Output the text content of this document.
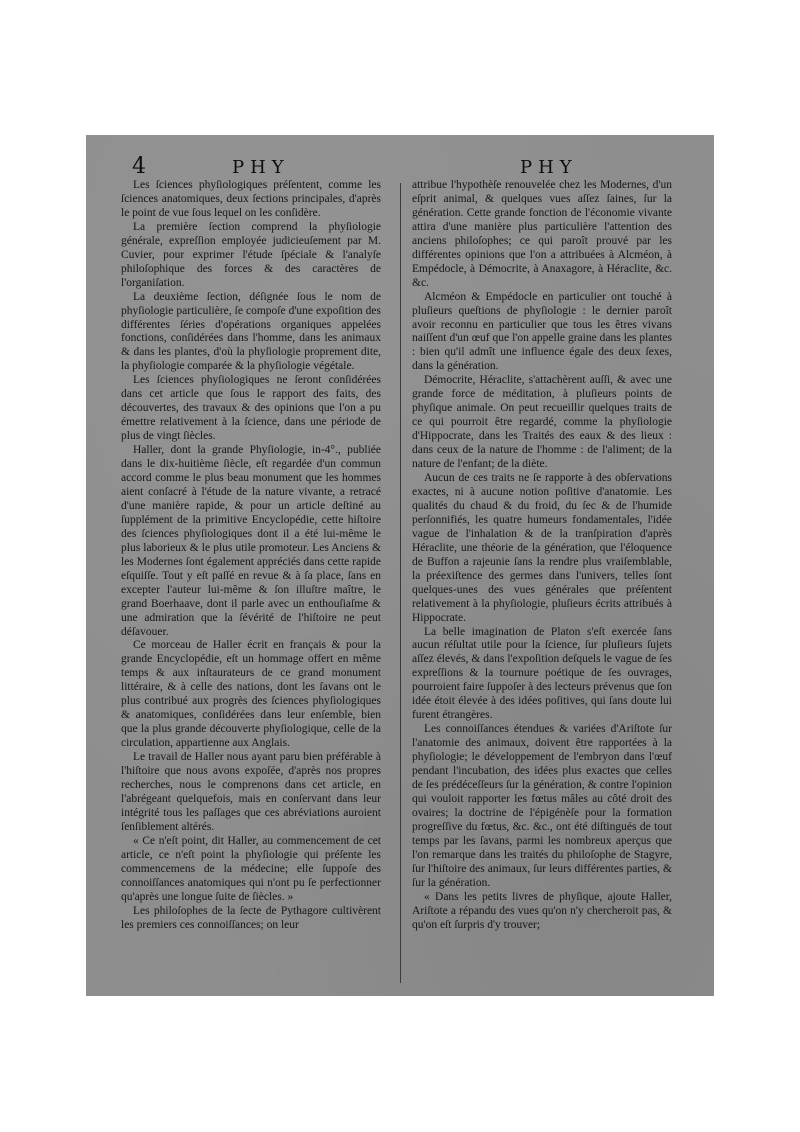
4	PHY	PHY

Les ſciences phyſiologiques préſentent, comme les ſciences anatomiques, deux ſections principales, d'après le point de vue ſous lequel on les conſidère.

La première ſection comprend la phyſiologie générale, expreſſion employée judicieuſement par M. Cuvier, pour exprimer l'étude ſpéciale & l'analyſe philoſophique des forces & des caractères de l'organiſation.

La deuxième ſection, déſignée ſous le nom de phyſiologie particulière, ſe compoſe d'une expoſition des différentes ſéries d'opérations organiques appelées fonctions, conſidérées dans l'homme, dans les animaux & dans les plantes, d'où la phyſiologie proprement dite, la phyſiologie comparée & la phyſiologie végétale.

Les ſciences phyſiologiques ne ſeront conſidérées dans cet article que ſous le rapport des faits, des découvertes, des travaux & des opinions que l'on a pu émettre relativement à la ſcience, dans une période de plus de vingt ſiècles.

Haller, dont la grande Phyſiologie, in-4°., publiée dans le dix-huitième ſiècle, eſt regardée d'un commun accord comme le plus beau monument que les hommes aient conſacré à l'étude de la nature vivante, a retracé d'une manière rapide, & pour un article deſtiné au ſupplément de la primitive Encyclopédie, cette hiſtoire des ſciences phyſiologiques dont il a été lui-même le plus laborieux & le plus utile promoteur. Les Anciens & les Modernes ſont également appréciés dans cette rapide eſquiſſe. Tout y eſt paſſé en revue & à ſa place, ſans en excepter l'auteur lui-même & ſon illuſtre maître, le grand Boerhaave, dont il parle avec un enthouſiaſme & une admiration que la ſévérité de l'hiſtoire ne peut déſavouer.

Ce morceau de Haller écrit en français & pour la grande Encyclopédie, eſt un hommage offert en même temps & aux inſtaurateurs de ce grand monument littéraire, & à celle des nations, dont les ſavans ont le plus contribué aux progrès des ſciences phyſiologiques & anatomiques, conſidérées dans leur enſemble, bien que la plus grande découverte phyſiologique, celle de la circulation, appartienne aux Anglais.

Le travail de Haller nous ayant paru bien préférable à l'hiſtoire que nous avons expoſée, d'après nos propres recherches, nous le comprenons dans cet article, en l'abrégeant quelquefois, mais en conſervant dans leur intégrité tous les paſſages que ces abréviations auroient ſenſiblement altérés.

« Ce n'eſt point, dit Haller, au commencement de cet article, ce n'eſt point la phyſiologie qui préſente les commencemens de la médecine; elle ſuppoſe des connoiſſances anatomiques qui n'ont pu ſe perfectionner qu'après une longue ſuite de ſiècles. »

Les philoſophes de la ſecte de Pythagore cultivèrent les premiers ces connoiſſances; on leur

attribue l'hypothèſe renouvelée chez les Modernes, d'un eſprit animal, & quelques vues aſſez ſaines, ſur la génération. Cette grande fonction de l'économie vivante attira d'une manière plus particulière l'attention des anciens philoſophes; ce qui paroît prouvé par les différentes opinions que l'on a attribuées à Alcméon, à Empédocle, à Démocrite, à Anaxagore, à Héraclite, &c. &c.

Alcméon & Empédocle en particulier ont touché à pluſieurs queſtions de phyſiologie : le dernier paroît avoir reconnu en particulier que tous les êtres vivans naiſſent d'un œuf que l'on appelle graine dans les plantes : bien qu'il admît une influence égale des deux ſexes, dans la génération.

Démocrite, Héraclite, s'attachèrent auſſi, & avec une grande force de méditation, à pluſieurs points de phyſique animale. On peut recueillir quelques traits de ce qui pourroit être regardé, comme la phyſiologie d'Hippocrate, dans les Traités des eaux & des lieux : dans ceux de la nature de l'homme : de l'aliment; de la nature de l'enfant; de la diète.

Aucun de ces traits ne ſe rapporte à des obſervations exactes, ni à aucune notion poſitive d'anatomie. Les qualités du chaud & du froid, du ſec & de l'humide perſonnifiés, les quatre humeurs fondamentales, l'idée vague de l'inhalation & de la tranſpiration d'après Héraclite, une théorie de la génération, que l'éloquence de Buffon a rajeunie ſans la rendre plus vraiſemblable, la préexiſtence des germes dans l'univers, telles ſont quelques-unes des vues générales que préſentent relativement à la phyſiologie, pluſieurs écrits attribués à Hippocrate.

La belle imagination de Platon s'eſt exercée ſans aucun réſultat utile pour la ſcience, ſur pluſieurs ſujets aſſez élevés, & dans l'expoſition deſquels le vague de ſes expreſſions & la tournure poétique de ſes ouvrages, pourroient faire ſuppoſer à des lecteurs prévenus que ſon idée étoit élevée à des idées poſitives, qui ſans doute lui furent étrangères.

Les connoiſſances étendues & variées d'Ariſtote ſur l'anatomie des animaux, doivent être rapportées à la phyſiologie; le développement de l'embryon dans l'œuf pendant l'incubation, des idées plus exactes que celles de ſes prédéceſſeurs ſur la génération, & contre l'opinion qui vouloit rapporter les fœtus mâles au côté droit des ovaires; la doctrine de l'épigénèſe pour la formation progreſſive du fœtus, &c. &c., ont été diſtingués de tout temps par les ſavans, parmi les nombreux aperçus que l'on remarque dans les traités du philoſophe de Stagyre, ſur l'hiſtoire des animaux, ſur leurs différentes parties, & ſur la génération.

« Dans les petits livres de phyſique, ajoute Haller, Ariſtote a répandu des vues qu'on n'y chercheroit pas, & qu'on eſt ſurpris d'y trouver;
